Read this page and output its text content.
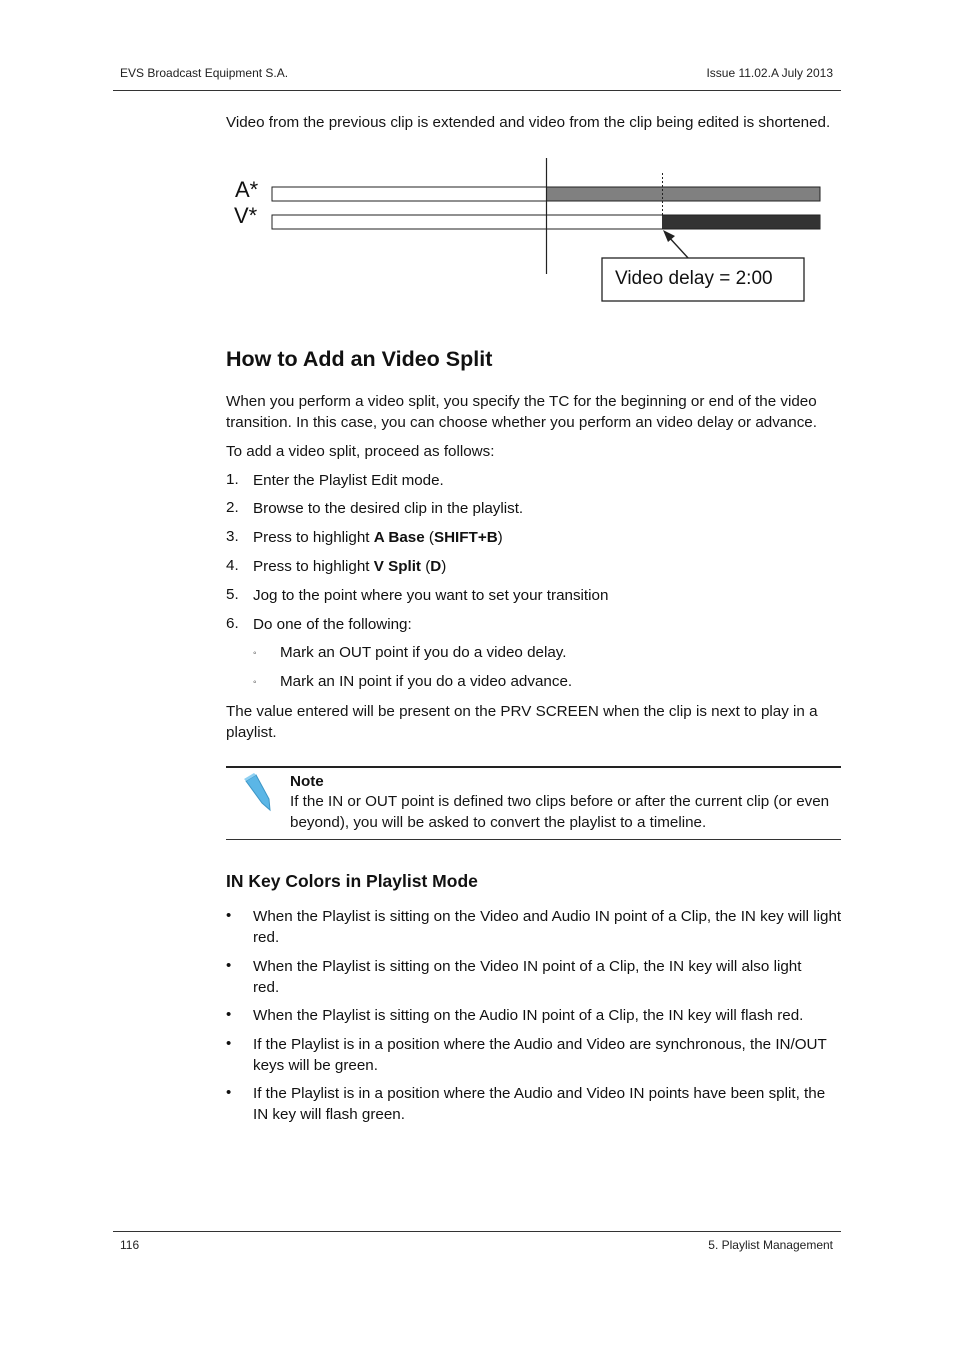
EVS Broadcast Equipment S.A.	Issue 11.02.A July 2013
Video from the previous clip is extended and video from the clip being edited is shortened.
A*
V*
Video delay = 2:00
How to Add an Video Split
When you perform a video split, you specify the TC for the beginning or end of the video transition. In this case, you can choose whether you perform an video delay or advance.
To add a video split, proceed as follows:
1. Enter the Playlist Edit mode.
2. Browse to the desired clip in the playlist.
3. Press to highlight A Base (SHIFT+B)
4. Press to highlight V Split (D)
5. Jog to the point where you want to set your transition
6. Do one of the following:
◦ Mark an OUT point if you do a video delay.
◦ Mark an IN point if you do a video advance.
The value entered will be present on the PRV SCREEN when the clip is next to play in a playlist.
Note
If the IN or OUT point is defined two clips before or after the current clip (or even beyond), you will be asked to convert the playlist to a timeline.
IN Key Colors in Playlist Mode
• When the Playlist is sitting on the Video and Audio IN point of a Clip, the IN key will light red.
• When the Playlist is sitting on the Video IN point of a Clip, the IN key will also light red.
• When the Playlist is sitting on the Audio IN point of a Clip, the IN key will flash red.
• If the Playlist is in a position where the Audio and Video are synchronous, the IN/OUT keys will be green.
• If the Playlist is in a position where the Audio and Video IN points have been split, the IN key will flash green.
116	5. Playlist Management
